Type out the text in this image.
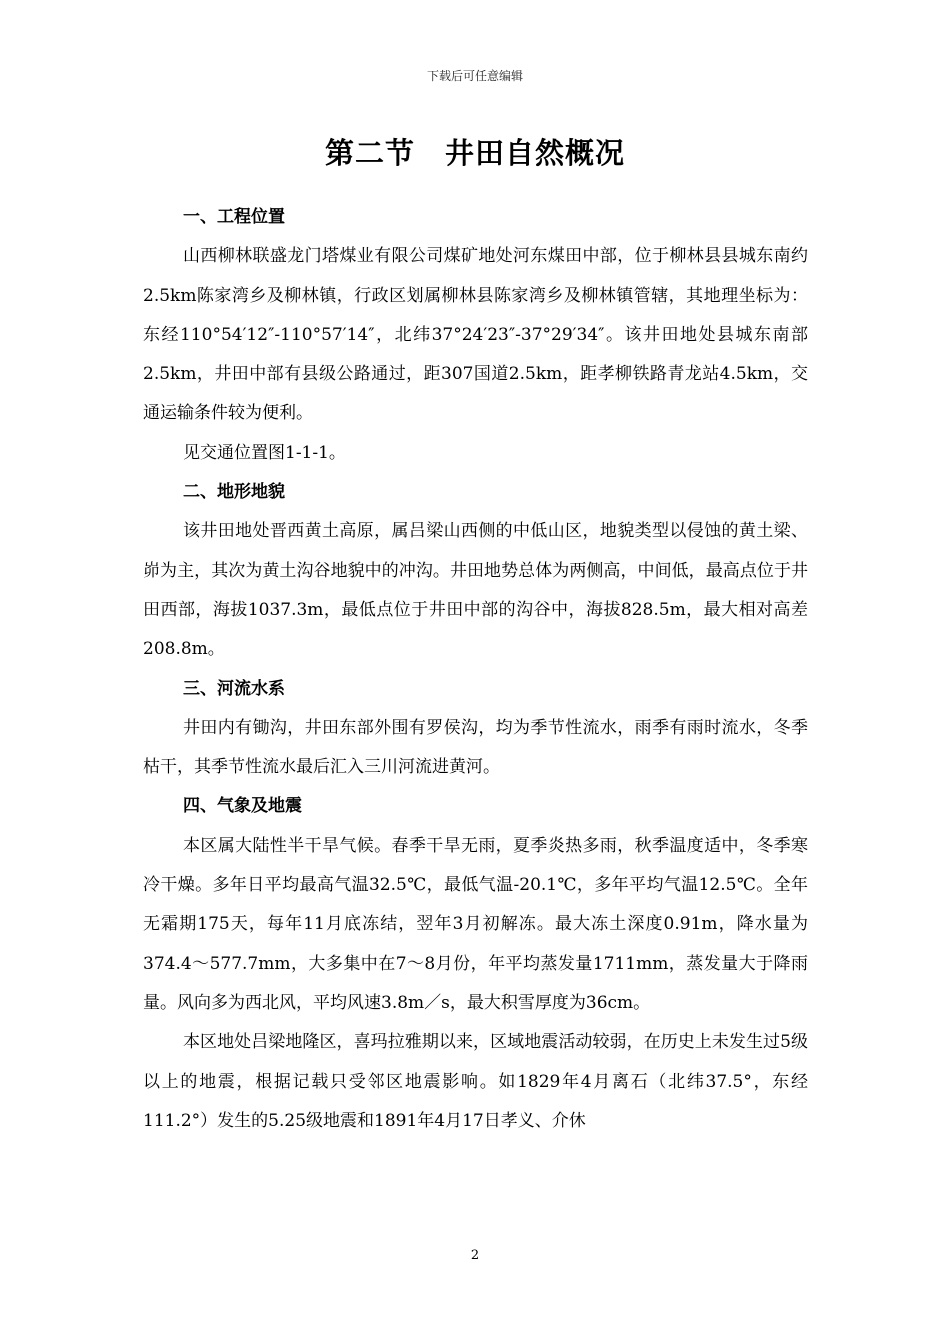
下载后可任意编辑
第二节　井田自然概况

一、工程位置

山西柳林联盛龙门塔煤业有限公司煤矿地处河东煤田中部，位于柳林县县城东南约2.5km陈家湾乡及柳林镇，行政区划属柳林县陈家湾乡及柳林镇管辖，其地理坐标为：东经110°54′12″-110°57′14″，北纬37°24′23″-37°29′34″。该井田地处县城东南部2.5km，井田中部有县级公路通过，距307国道2.5km，距孝柳铁路青龙站4.5km，交通运输条件较为便利。

见交通位置图1-1-1。

二、地形地貌

该井田地处晋西黄土高原，属吕梁山西侧的中低山区，地貌类型以侵蚀的黄土梁、峁为主，其次为黄土沟谷地貌中的冲沟。井田地势总体为两侧高，中间低，最高点位于井田西部，海拔1037.3m，最低点位于井田中部的沟谷中，海拔828.5m，最大相对高差208.8m。

三、河流水系

井田内有锄沟，井田东部外围有罗侯沟，均为季节性流水，雨季有雨时流水，冬季枯干，其季节性流水最后汇入三川河流进黄河。

四、气象及地震

本区属大陆性半干旱气候。春季干旱无雨，夏季炎热多雨，秋季温度适中，冬季寒冷干燥。多年日平均最高气温32.5℃，最低气温-20.1℃，多年平均气温12.5℃。全年无霜期175天，每年11月底冻结，翌年3月初解冻。最大冻土深度0.91m，降水量为374.4～577.7mm，大多集中在7～8月份，年平均蒸发量1711mm，蒸发量大于降雨量。风向多为西北风，平均风速3.8m／s，最大积雪厚度为36cm。

本区地处吕梁地隆区，喜玛拉雅期以来，区域地震活动较弱，在历史上未发生过5级以上的地震，根据记载只受邻区地震影响。如1829年4月离石（北纬37.5°，东经111.2°）发生的5.25级地震和1891年4月17日孝义、介休

2
